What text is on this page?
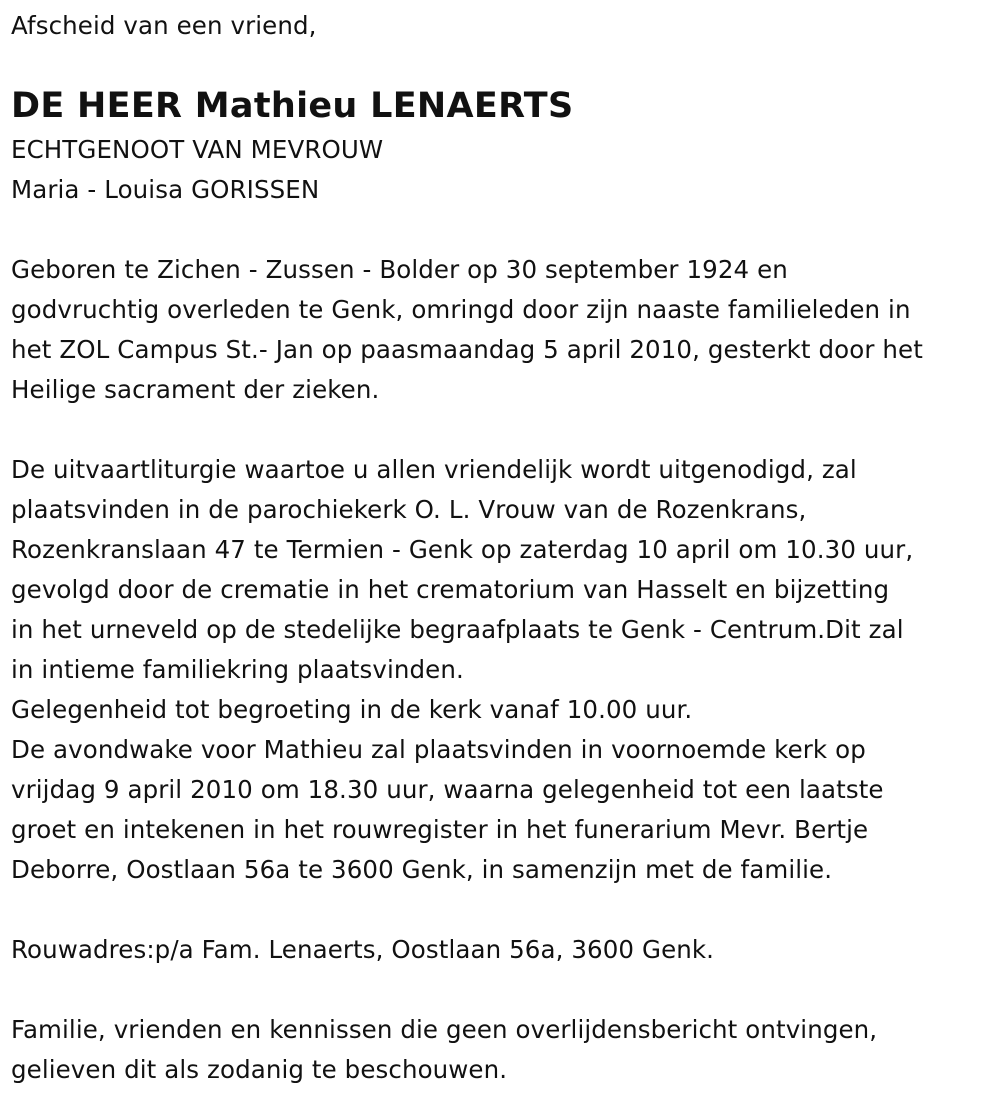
Afscheid van een vriend,
DE HEER Mathieu LENAERTS
ECHTGENOOT VAN MEVROUW
Maria - Louisa GORISSEN
Geboren te Zichen - Zussen - Bolder op 30 september 1924 en
godvruchtig overleden te Genk, omringd door zijn naaste familieleden in
het ZOL Campus St.- Jan op paasmaandag 5 april 2010, gesterkt door het
Heilige sacrament der zieken.
De uitvaartliturgie waartoe u allen vriendelijk wordt uitgenodigd, zal
plaatsvinden in de parochiekerk O. L. Vrouw van de Rozenkrans,
Rozenkranslaan 47 te Termien - Genk op zaterdag 10 april om 10.30 uur,
gevolgd door de crematie in het crematorium van Hasselt en bijzetting
in het urneveld op de stedelijke begraafplaats te Genk - Centrum.Dit zal
in intieme familiekring plaatsvinden.
Gelegenheid tot begroeting in de kerk vanaf 10.00 uur.
De avondwake voor Mathieu zal plaatsvinden in voornoemde kerk op
vrijdag 9 april 2010 om 18.30 uur, waarna gelegenheid tot een laatste
groet en intekenen in het rouwregister in het funerarium Mevr. Bertje
Deborre, Oostlaan 56a te 3600 Genk, in samenzijn met de familie.
Rouwadres:p/a Fam. Lenaerts, Oostlaan 56a, 3600 Genk.
Familie, vrienden en kennissen die geen overlijdensbericht ontvingen,
gelieven dit als zodanig te beschouwen.
